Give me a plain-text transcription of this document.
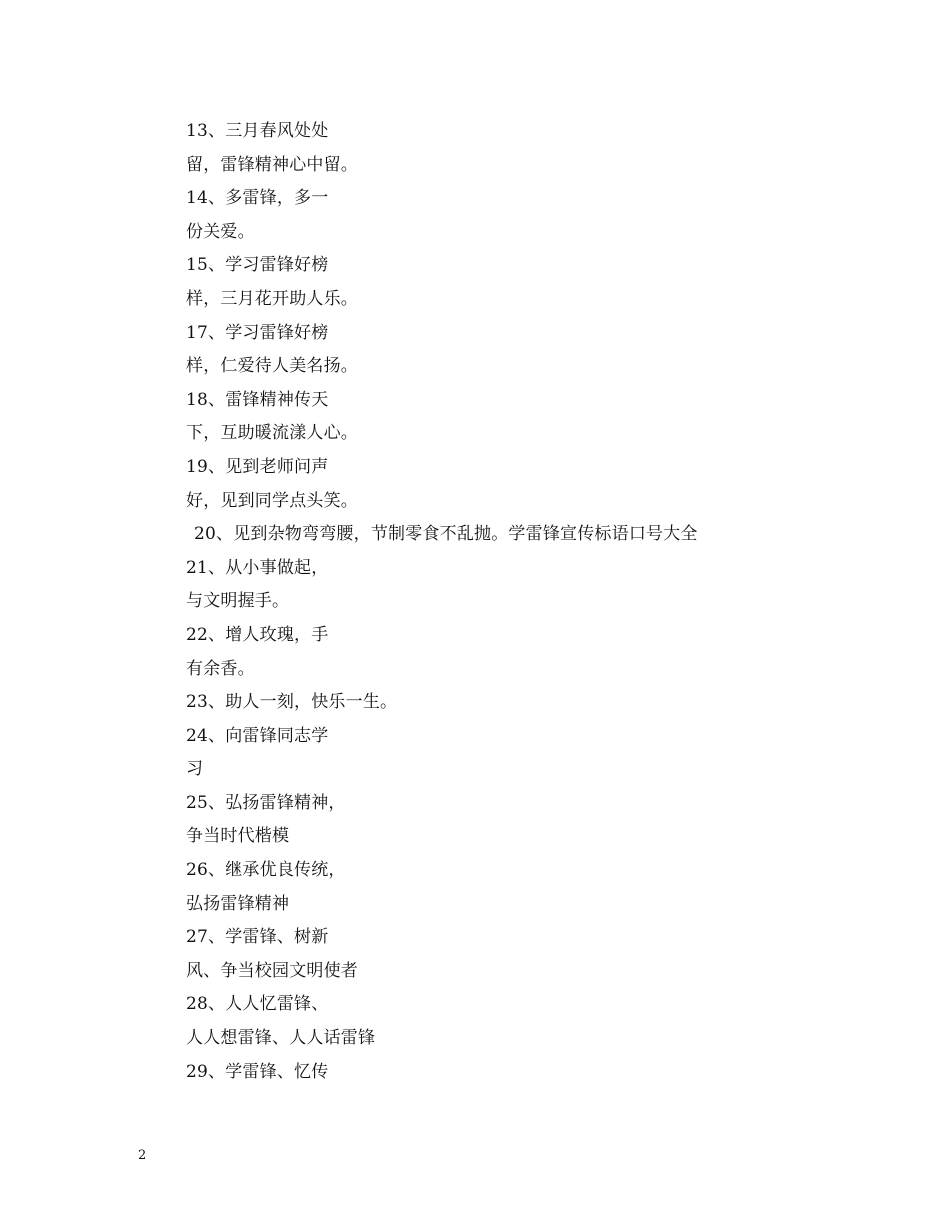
13、三月春风处处
留，雷锋精神心中留。
14、多雷锋，多一
份关爱。
15、学习雷锋好榜
样，三月花开助人乐。
17、学习雷锋好榜
样，仁爱待人美名扬。
18、雷锋精神传天
下，互助暖流漾人心。
19、见到老师问声
好，见到同学点头笑。
20、见到杂物弯弯腰，节制零食不乱抛。学雷锋宣传标语口号大全
21、从小事做起，
与文明握手。
22、增人玫瑰，手
有余香。
23、助人一刻，快乐一生。
24、向雷锋同志学
习
25、弘扬雷锋精神，
争当时代楷模
26、继承优良传统，
弘扬雷锋精神
27、学雷锋、树新
风、争当校园文明使者
28、人人忆雷锋、
人人想雷锋、人人话雷锋
29、学雷锋、忆传
2
